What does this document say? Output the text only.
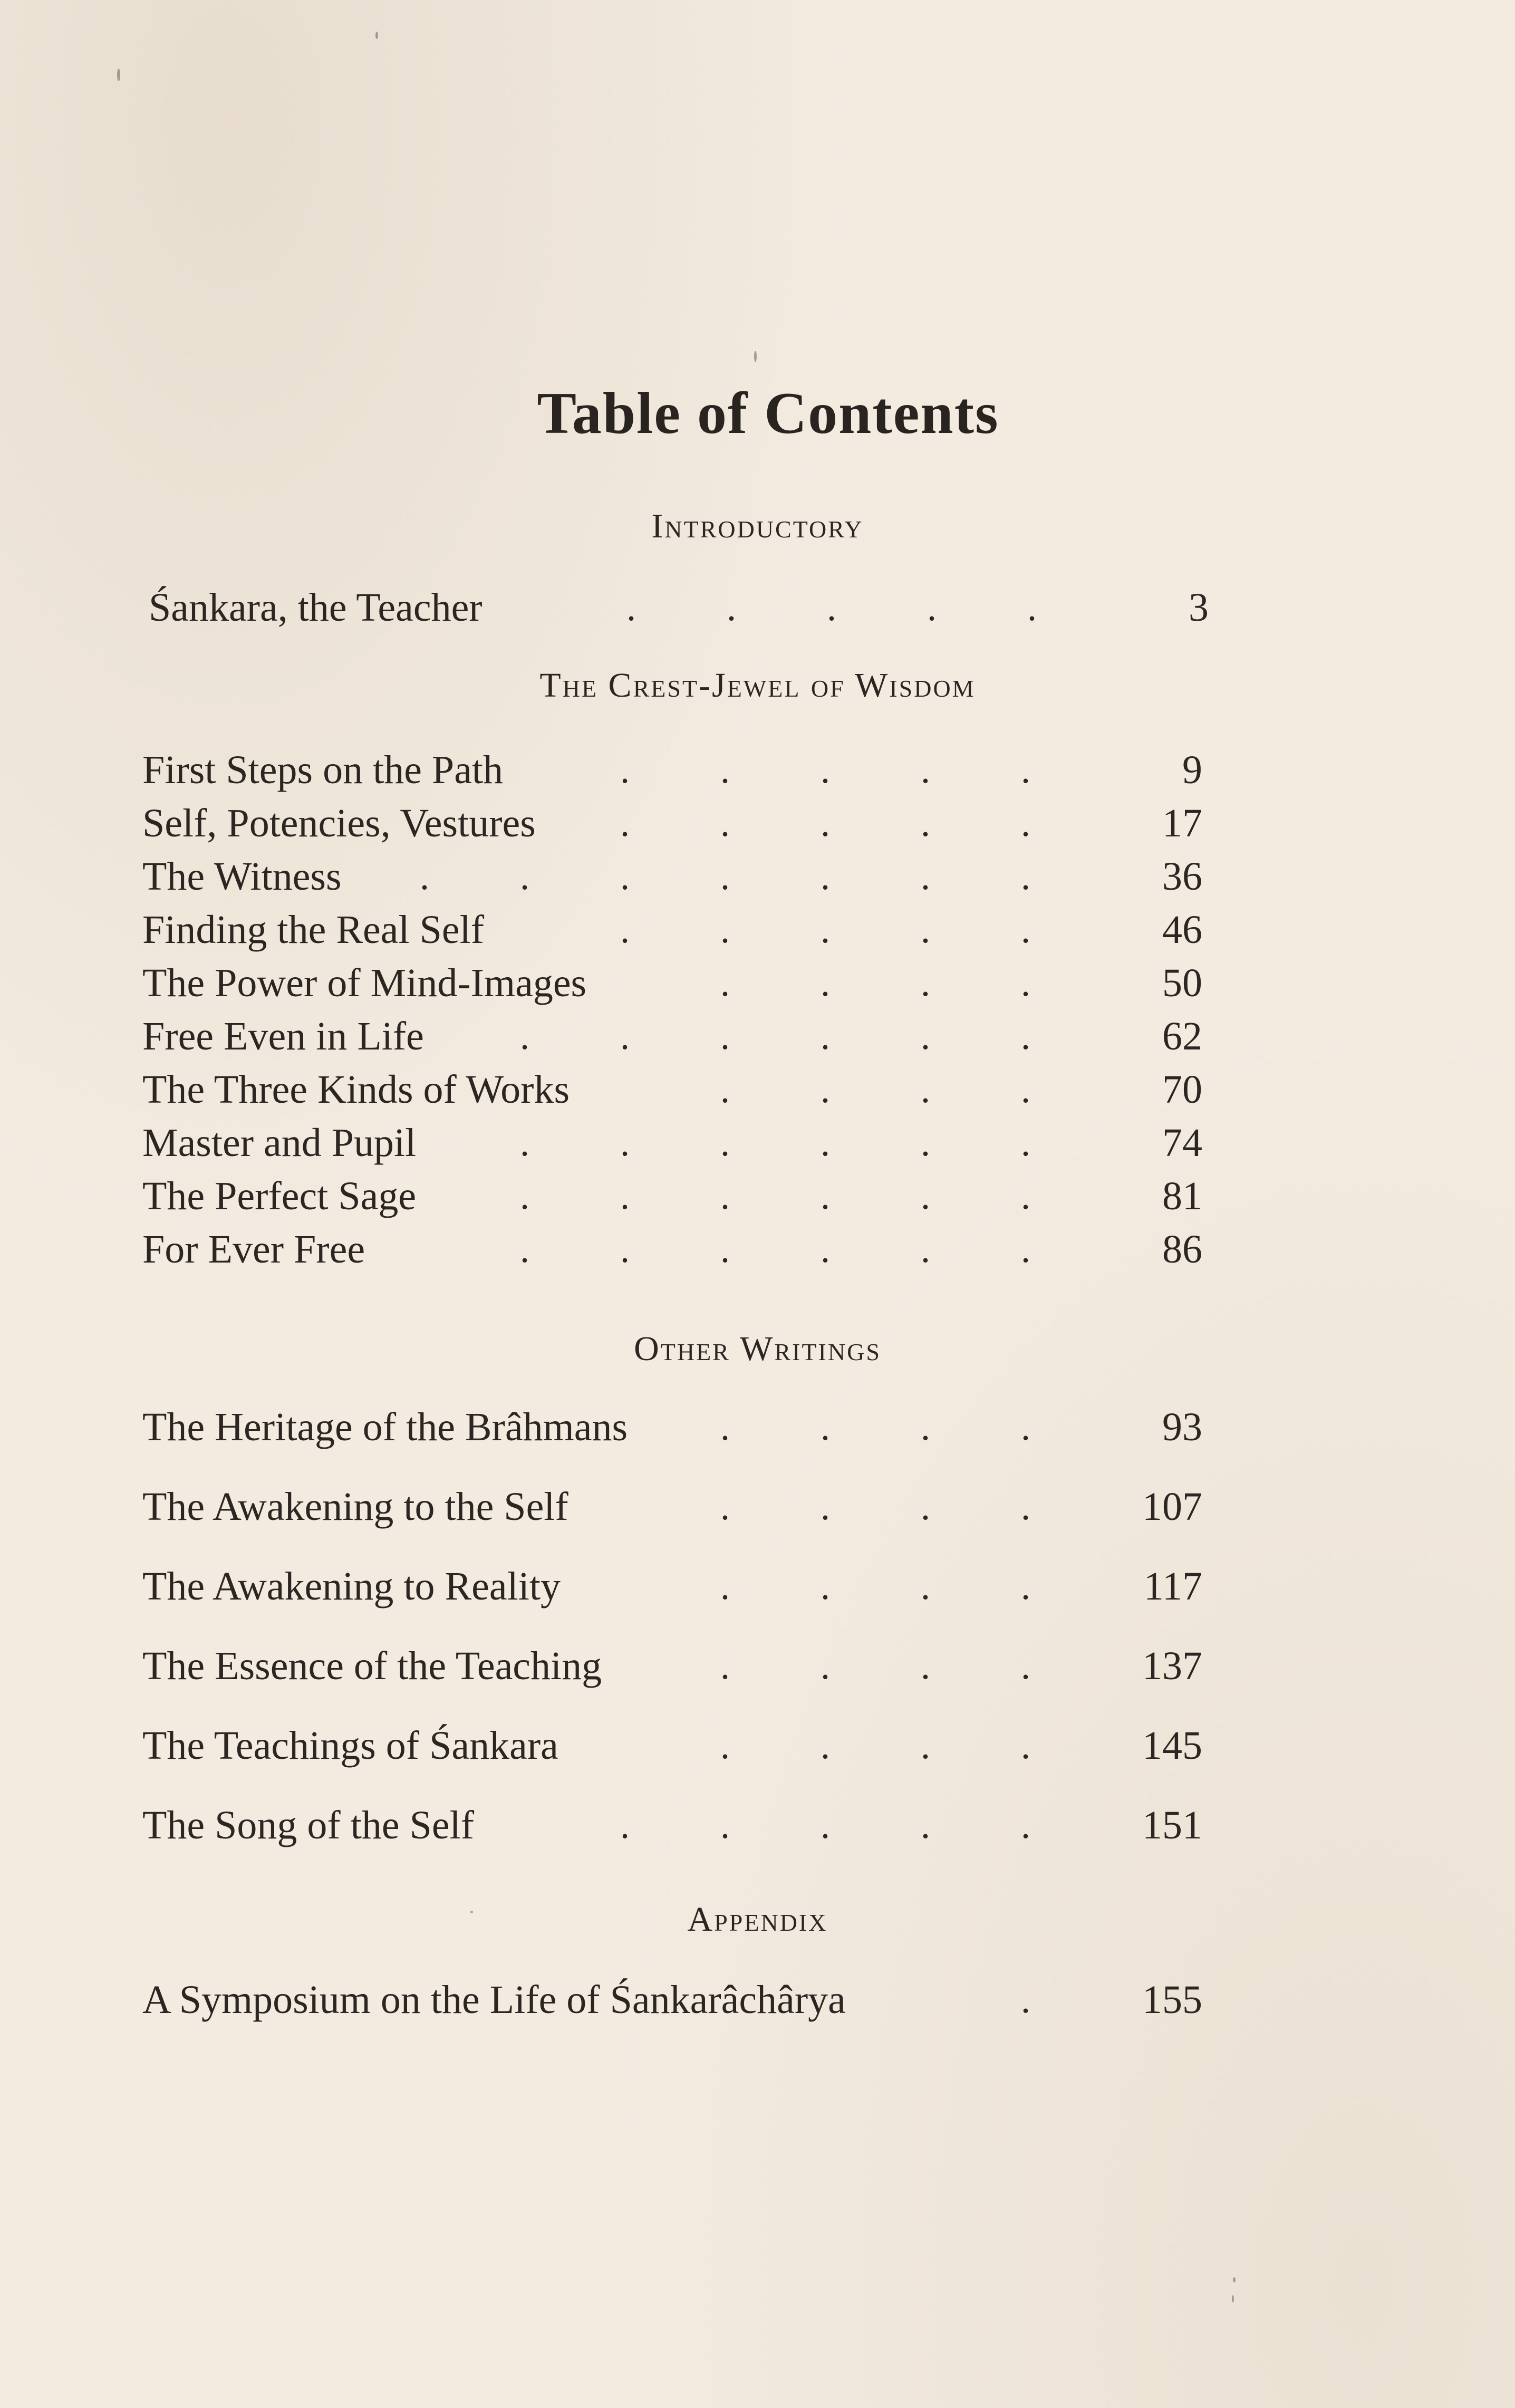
Table of Contents
Introductory
Śankara, the Teacher	. . . . .	3
The Crest-Jewel of Wisdom
First Steps on the Path	. . . . .	9
Self, Potencies, Vestures	. . . . .	17
The Witness	. . . . . . .	36
Finding the Real Self	. . . . .	46
The Power of Mind-Images	. . . .	50
Free Even in Life	. . . . . .	62
The Three Kinds of Works	. . . .	70
Master and Pupil	. . . . . .	74
The Perfect Sage	. . . . . .	81
For Ever Free	. . . . . .	86
Other Writings
The Heritage of the Brâhmans	. . . .	93
The Awakening to the Self	. . . .	107
The Awakening to Reality	. . . .	117
The Essence of the Teaching	. . . .	137
The Teachings of Śankara	. . . .	145
The Song of the Self	. . . . .	151
Appendix
A Symposium on the Life of Śankarâchârya	.	155
